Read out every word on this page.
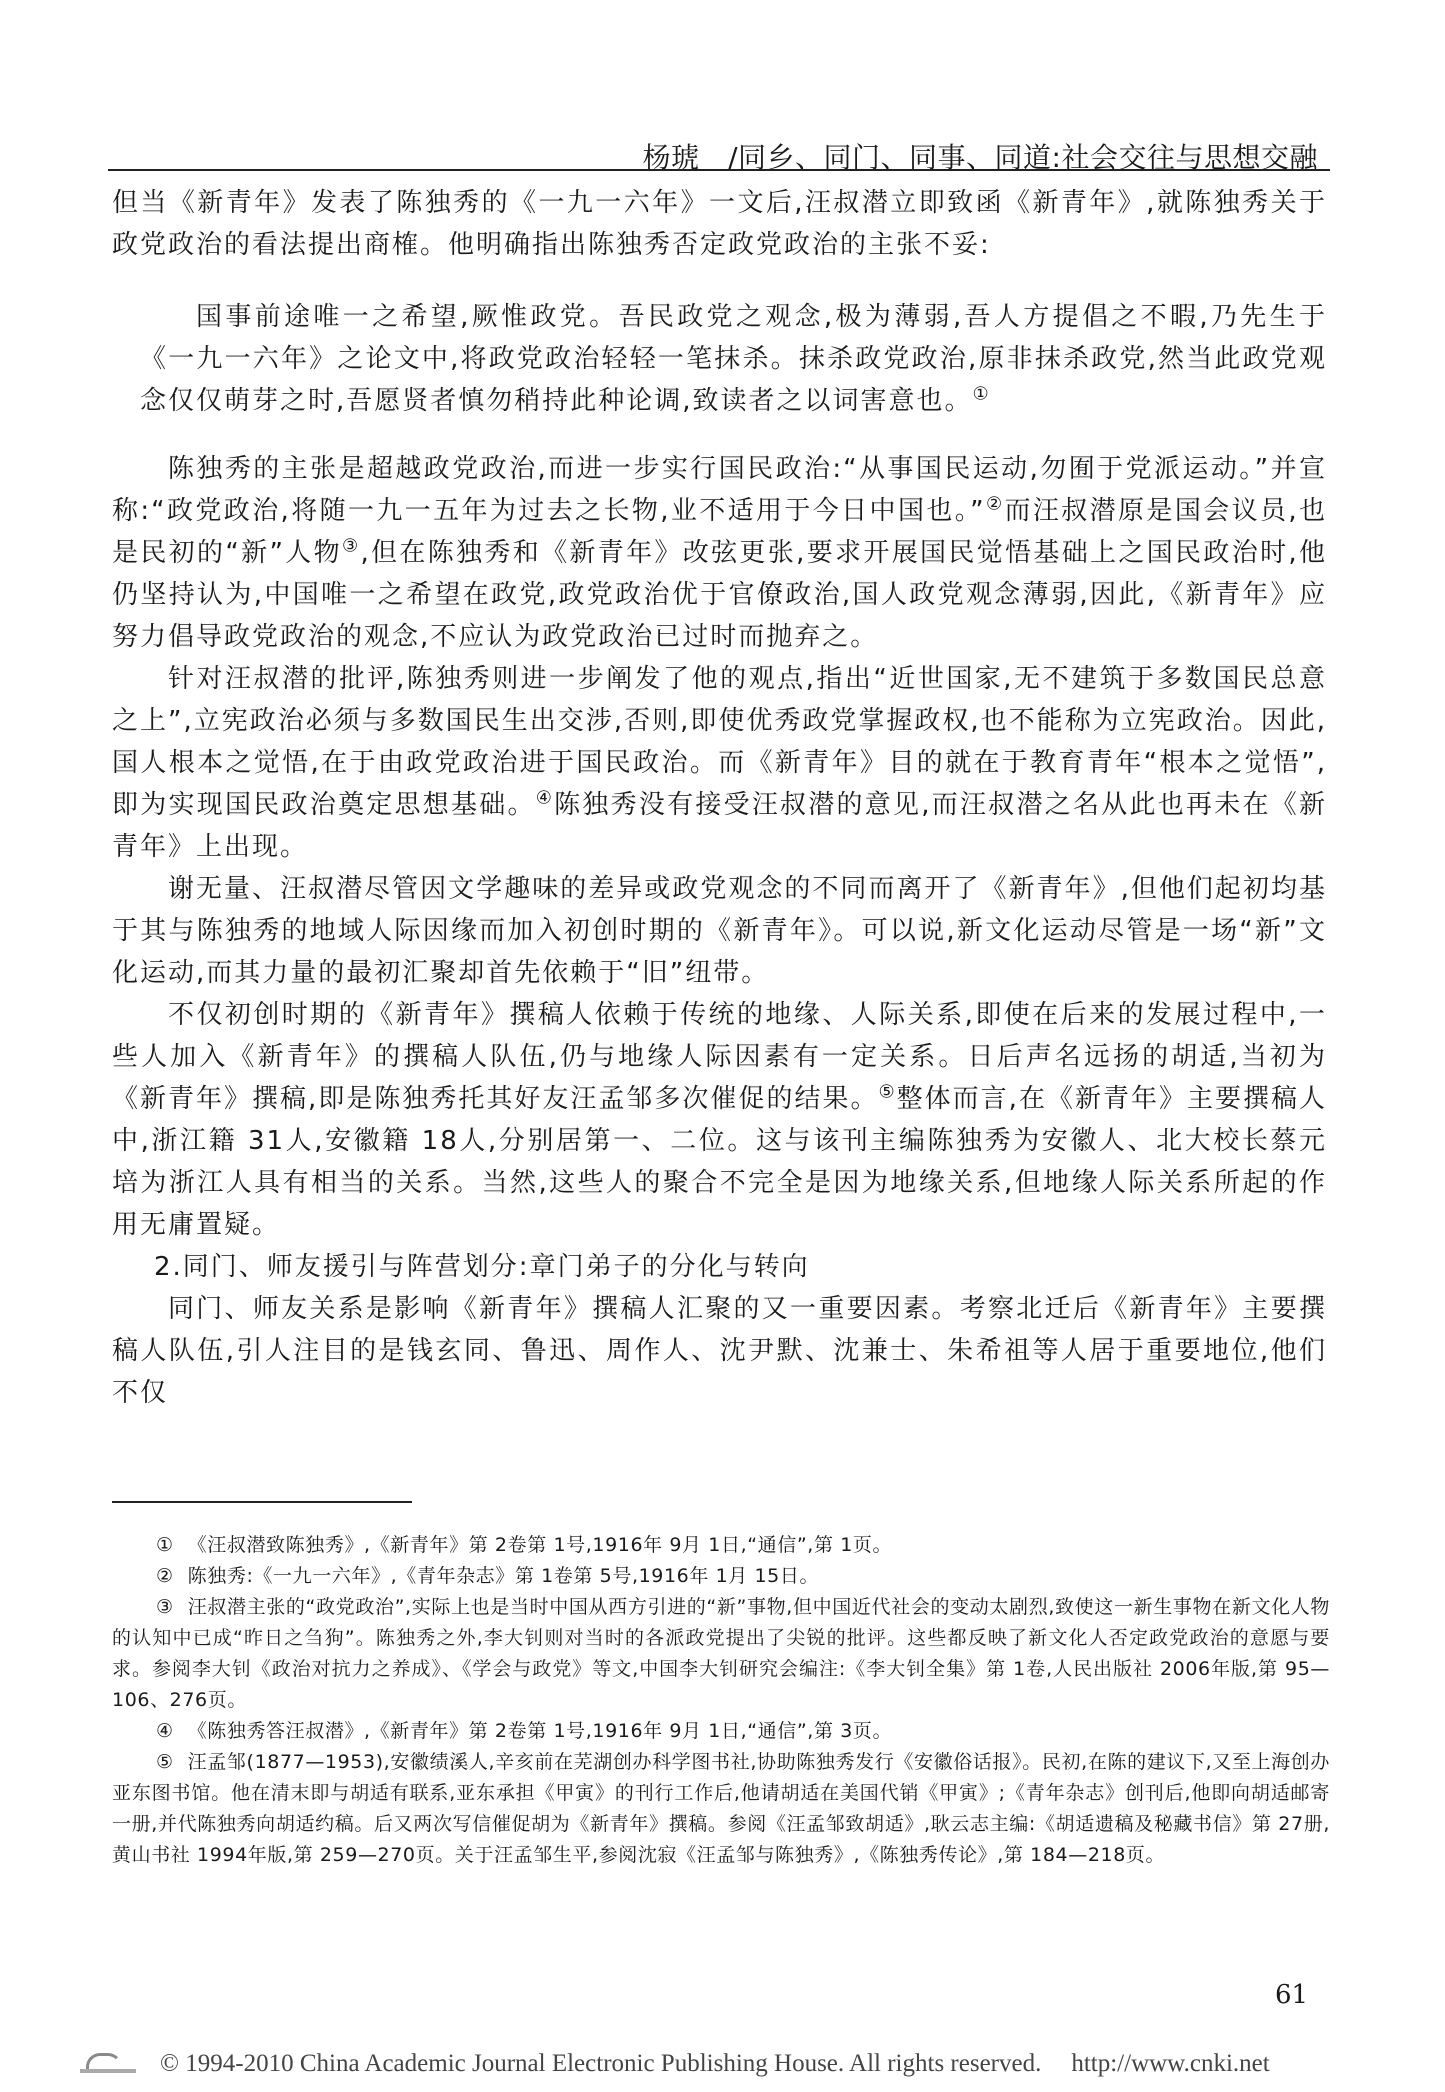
杨琥　/同乡、同门、同事、同道:社会交往与思想交融

但当《新青年》发表了陈独秀的《一九一六年》一文后,汪叔潜立即致函《新青年》,就陈独秀关于政党政治的看法提出商榷。他明确指出陈独秀否定政党政治的主张不妥:

国事前途唯一之希望,厥惟政党。吾民政党之观念,极为薄弱,吾人方提倡之不暇,乃先生于《一九一六年》之论文中,将政党政治轻轻一笔抹杀。抹杀政党政治,原非抹杀政党,然当此政党观念仅仅萌芽之时,吾愿贤者慎勿稍持此种论调,致读者之以词害意也。①

陈独秀的主张是超越政党政治,而进一步实行国民政治:“从事国民运动,勿囿于党派运动。”并宣称:“政党政治,将随一九一五年为过去之长物,业不适用于今日中国也。”②而汪叔潜原是国会议员,也是民初的“新”人物③,但在陈独秀和《新青年》改弦更张,要求开展国民觉悟基础上之国民政治时,他仍坚持认为,中国唯一之希望在政党,政党政治优于官僚政治,国人政党观念薄弱,因此,《新青年》应努力倡导政党政治的观念,不应认为政党政治已过时而抛弃之。

针对汪叔潜的批评,陈独秀则进一步阐发了他的观点,指出“近世国家,无不建筑于多数国民总意之上”,立宪政治必须与多数国民生出交涉,否则,即使优秀政党掌握政权,也不能称为立宪政治。因此,国人根本之觉悟,在于由政党政治进于国民政治。而《新青年》目的就在于教育青年“根本之觉悟”,即为实现国民政治奠定思想基础。④陈独秀没有接受汪叔潜的意见,而汪叔潜之名从此也再未在《新青年》上出现。

谢无量、汪叔潜尽管因文学趣味的差异或政党观念的不同而离开了《新青年》,但他们起初均基于其与陈独秀的地域人际因缘而加入初创时期的《新青年》。可以说,新文化运动尽管是一场“新”文化运动,而其力量的最初汇聚却首先依赖于“旧”纽带。

不仅初创时期的《新青年》撰稿人依赖于传统的地缘、人际关系,即使在后来的发展过程中,一些人加入《新青年》的撰稿人队伍,仍与地缘人际因素有一定关系。日后声名远扬的胡适,当初为《新青年》撰稿,即是陈独秀托其好友汪孟邹多次催促的结果。⑤整体而言,在《新青年》主要撰稿人中,浙江籍 31人,安徽籍 18人,分别居第一、二位。这与该刊主编陈独秀为安徽人、北大校长蔡元培为浙江人具有相当的关系。当然,这些人的聚合不完全是因为地缘关系,但地缘人际关系所起的作用无庸置疑。

2.同门、师友援引与阵营划分:章门弟子的分化与转向

同门、师友关系是影响《新青年》撰稿人汇聚的又一重要因素。考察北迁后《新青年》主要撰稿人队伍,引人注目的是钱玄同、鲁迅、周作人、沈尹默、沈兼士、朱希祖等人居于重要地位,他们不仅

① 《汪叔潜致陈独秀》,《新青年》第 2卷第 1号,1916年 9月 1日,“通信”,第 1页。

② 陈独秀:《一九一六年》,《青年杂志》第 1卷第 5号,1916年 1月 15日。

③ 汪叔潜主张的“政党政治”,实际上也是当时中国从西方引进的“新”事物,但中国近代社会的变动太剧烈,致使这一新生事物在新文化人物的认知中已成“昨日之刍狗”。陈独秀之外,李大钊则对当时的各派政党提出了尖锐的批评。这些都反映了新文化人否定政党政治的意愿与要求。参阅李大钊《政治对抗力之养成》、《学会与政党》等文,中国李大钊研究会编注:《李大钊全集》第 1卷,人民出版社 2006年版,第 95—106、276页。

④ 《陈独秀答汪叔潜》,《新青年》第 2卷第 1号,1916年 9月 1日,“通信”,第 3页。

⑤ 汪孟邹(1877—1953),安徽绩溪人,辛亥前在芜湖创办科学图书社,协助陈独秀发行《安徽俗话报》。民初,在陈的建议下,又至上海创办亚东图书馆。他在清末即与胡适有联系,亚东承担《甲寅》的刊行工作后,他请胡适在美国代销《甲寅》;《青年杂志》创刊后,他即向胡适邮寄一册,并代陈独秀向胡适约稿。后又两次写信催促胡为《新青年》撰稿。参阅《汪孟邹致胡适》,耿云志主编:《胡适遗稿及秘藏书信》第 27册,黄山书社 1994年版,第 259—270页。关于汪孟邹生平,参阅沈寂《汪孟邹与陈独秀》,《陈独秀传论》,第 184—218页。

61
© 1994-2010 China Academic Journal Electronic Publishing House. All rights reserved. http://www.cnki.net
